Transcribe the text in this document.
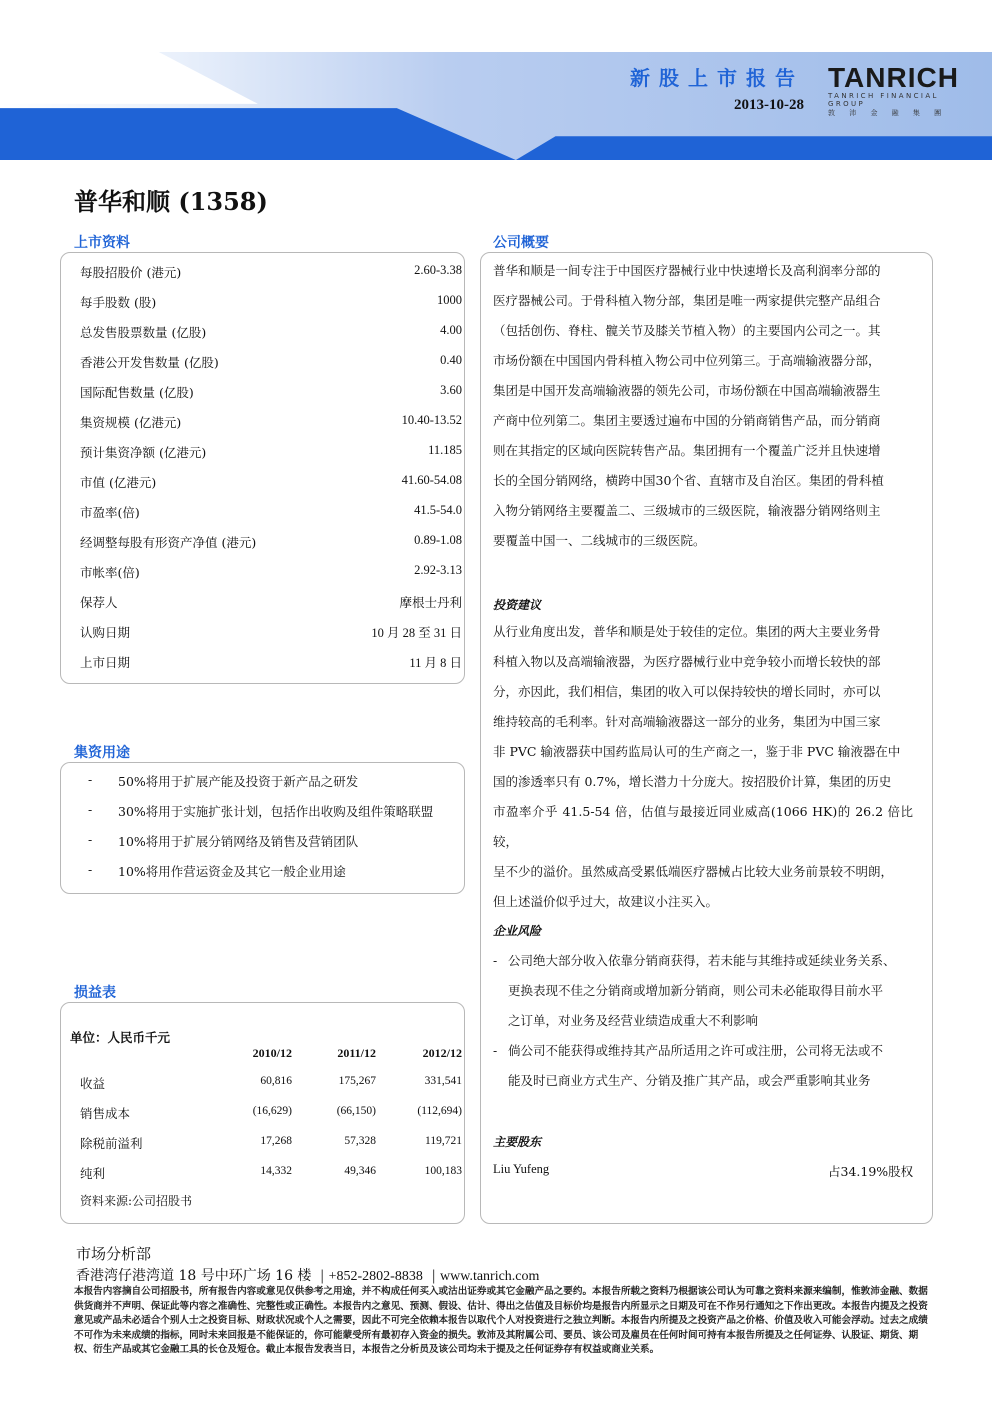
新股上市报告
2013-10-28
TANRICH
TANRICH FINANCIAL GROUP
敦 沛 金 融 集 團
普华和顺 (1358)
上市资料
每股招股价 (港元)	2.60-3.38
每手股数 (股)	1000
总发售股票数量 (亿股)	4.00
香港公开发售数量 (亿股)	0.40
国际配售数量 (亿股)	3.60
集资规模 (亿港元)	10.40-13.52
预计集资净额 (亿港元)	11.185
市值 (亿港元)	41.60-54.08
市盈率(倍)	41.5-54.0
经调整每股有形资产净值 (港元)	0.89-1.08
市帐率(倍)	2.92-3.13
保荐人	摩根士丹利
认购日期	10 月 28 至 31 日
上市日期	11 月 8 日
集资用途
- 50%将用于扩展产能及投资于新产品之研发
- 30%将用于实施扩张计划，包括作出收购及组件策略联盟
- 10%将用于扩展分销网络及销售及营销团队
- 10%将用作营运资金及其它一般企业用途
损益表
单位：人民币千元
2010/12	2011/12	2012/12
收益	60,816	175,267	331,541
销售成本	(16,629)	(66,150)	(112,694)
除税前溢利	17,268	57,328	119,721
纯利	14,332	49,346	100,183
资料来源:公司招股书
公司概要
普华和顺是一间专注于中国医疗器械行业中快速增长及高利润率分部的
医疗器械公司。于骨科植入物分部，集团是唯一两家提供完整产品组合
（包括创伤、脊柱、髋关节及膝关节植入物）的主要国内公司之一。其
市场份额在中国国内骨科植入物公司中位列第三。于高端输液器分部，
集团是中国开发高端输液器的领先公司，市场份额在中国高端输液器生
产商中位列第二。集团主要透过遍布中国的分销商销售产品，而分销商
则在其指定的区域向医院转售产品。集团拥有一个覆盖广泛并且快速增
长的全国分销网络，横跨中国30个省、直辖市及自治区。集团的骨科植
入物分销网络主要覆盖二、三级城市的三级医院，输液器分销网络则主
要覆盖中国一、二线城市的三级医院。
投资建议
从行业角度出发，普华和顺是处于较佳的定位。集团的两大主要业务骨
科植入物以及高端输液器，为医疗器械行业中竞争较小而增长较快的部
分，亦因此，我们相信，集团的收入可以保持较快的增长同时，亦可以
维持较高的毛利率。针对高端输液器这一部分的业务，集团为中国三家
非 PVC 输液器获中国药监局认可的生产商之一，鉴于非 PVC 输液器在中
国的渗透率只有 0.7%，增长潜力十分庞大。按招股价计算，集团的历史
市盈率介乎 41.5-54 倍，估值与最接近同业威高(1066 HK)的 26.2 倍比较，
呈不少的溢价。虽然威高受累低端医疗器械占比较大业务前景较不明朗，
但上述溢价似乎过大，故建议小注买入。
企业风险
- 公司绝大部分收入依靠分销商获得，若未能与其维持或延续业务关系、
更换表现不佳之分销商或增加新分销商，则公司未必能取得目前水平
之订单，对业务及经营业绩造成重大不利影响
- 倘公司不能获得或维持其产品所适用之许可或注册，公司将无法或不
能及时已商业方式生产、分销及推广其产品，或会严重影响其业务
主要股东
Liu Yufeng	占34.19%股权
市场分析部
香港湾仔港湾道 18 号中环广场 16 楼 | +852-2802-8838 | www.tanrich.com
本报告内容摘自公司招股书，所有报告内容或意见仅供参考之用途，并不构成任何买入或沽出证券或其它金融产品之要约。本报告所载之资料乃根据该公司认为可靠之资料来源来编制，惟敦沛金融、数据供货商并不声明、保证此等内容之准确性、完整性或正确性。本报告内之意见、预测、假设、估计、得出之估值及目标价均是报告内所显示之日期及可在不作另行通知之下作出更改。本报告内提及之投资意见或产品未必适合个别人士之投资目标、财政状况或个人之需要，因此不可完全依赖本报告以取代个人对投资进行之独立判断。本报告内所提及之投资产品之价格、价值及收入可能会浮动。过去之成绩不可作为未来成绩的指标，同时未来回报是不能保证的，你可能蒙受所有最初存入资金的损失。敦沛及其附属公司、要员、该公司及雇员在任何时间可持有本报告所提及之任何证券、认股证、期货、期权、衍生产品或其它金融工具的长仓及短仓。截止本报告发表当日，本报告之分析员及该公司均未于提及之任何证券存有权益或商业关系。
